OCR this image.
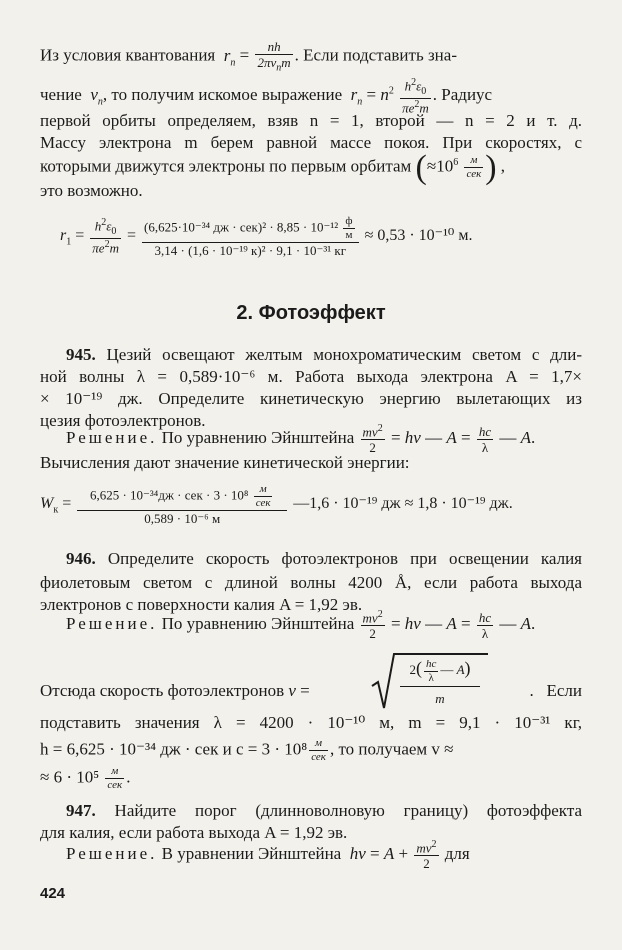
Из условия квантования  $r_n = \frac{nh}{2\pi v_nm}$ . Если подставить зна-
чение  $v_n$, то получим искомое выражение  $r_n = n^2 \frac{h^2\varepsilon_0}{\pi e^2m}$ . Радиус
первой орбиты определяем, взяв n = 1, второй — n = 2 и т. д.
Массу электрона m берем равной массе покоя. При скоростях, с
которыми движутся электроны по первым орбитам ($\approx 10^6 \frac{м}{\text{сек}}$ ) ,
это возможно.
$r_1 = \frac{h^2\varepsilon_0}{\pi e^2m} = \frac{(6,625\cdot 10^{-34} дж \cdot сек)^2 \cdot 8,85 \cdot 10^{-12} \frac{ф}{м}}{\text{3,14 · (1,6 · 10⁻¹⁹ к)² · 9,1 · 10⁻³¹ кг}} \approx 0,53 \cdot 10^{-10}$ м.
2. Фотоэффект
945. Цезий освещают желтым монохроматическим светом с дли-
ной волны λ = 0,589·10⁻⁶ м. Работа выхода электрона A = 1,7×
× 10⁻¹⁹ дж. Определите кинетическую энергию вылетающих из
цезия фотоэлектронов.
Решение. По уравнению Эйнштейна $\frac{mv^2}{2} = h\nu$ — $A = \frac{hc}{\lambda}$ — A.
Вычисления дают значение кинетической энергии:
$W_к = \frac{6,625 \cdot 10^{-34}дж \cdot сек \cdot 3 \cdot 10^8 \frac{м}{\text{сек}}}{\text{0,589 · 10⁻⁶ м}}$ —1,6 · 10⁻¹⁹ дж ≈ 1,8 · 10⁻¹⁹ дж.
946. Определите скорость фотоэлектронов при освещении калия
фиолетовым светом с длиной волны 4200 Å, если работа выхода
электронов с поверхности калия A = 1,92 эв.
Решение. По уравнению Эйнштейна $\frac{mv^2}{2} = h\nu$ — $A = \frac{hc}{\lambda}$ — A.
Отсюда скорость фотоэлектронов v =
$2( \frac{hc}{\lambda}$ — A)
m	.   Если
подставить значения λ = 4200 · 10⁻¹⁰ м, m = 9,1 · 10⁻³¹ кг,
h = 6,625 · 10⁻³⁴ дж · сек и $c = 3 \cdot 10^8 \frac{м}{\text{сек}}$ , то получаем v ≈
≈ $6 \cdot 10^5 \frac{м}{\text{сек}}$ .
947. Найдите порог (длинноволновую границу) фотоэффекта
для калия, если работа выхода A = 1,92 эв.
Решение. В уравнении Эйнштейна $h\nu = A + \frac{mv^2}{2}$ для
424
